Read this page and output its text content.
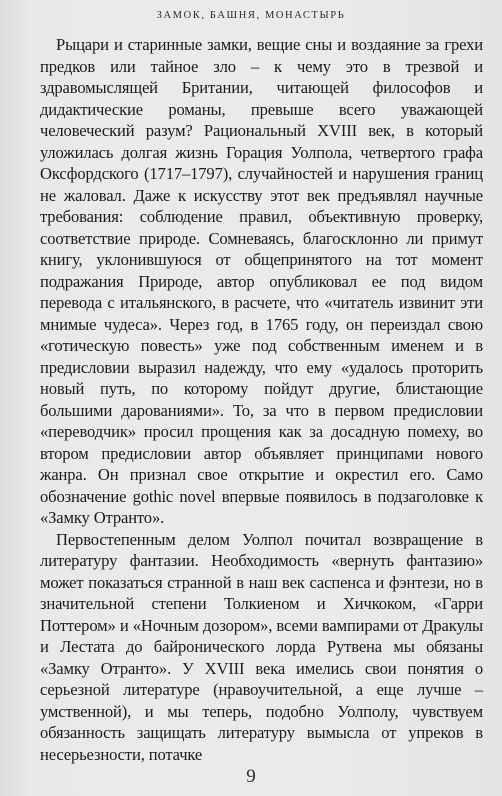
ЗАМОК, БАШНЯ, МОНАСТЫРЬ

Рыцари и старинные замки, вещие сны и воздаяние за грехи предков или тайное зло – к чему это в трезвой и здравомыслящей Британии, читающей философов и дидактические романы, превыше всего уважающей человеческий разум? Рациональный XVIII век, в который уложилась долгая жизнь Горация Уолпола, четвертого графа Оксфордского (1717–1797), случайностей и нарушения границ не жаловал. Даже к искусству этот век предъявлял научные требования: соблюдение правил, объективную проверку, соответствие природе. Сомневаясь, благосклонно ли примут книгу, уклонившуюся от общепринятого на тот момент подражания Природе, автор опубликовал ее под видом перевода с итальянского, в расчете, что «читатель извинит эти мнимые чудеса». Через год, в 1765 году, он переиздал свою «готическую повесть» уже под собственным именем и в предисловии выразил надежду, что ему «удалось проторить новый путь, по которому пойдут другие, блистающие большими дарованиями». То, за что в первом предисловии «переводчик» просил прощения как за досадную помеху, во втором предисловии автор объявляет принципами нового жанра. Он признал свое открытие и окрестил его. Само обозначение gothic novel впервые появилось в подзаголовке к «Замку Отранто».

Первостепенным делом Уолпол почитал возвращение в литературу фантазии. Необходимость «вернуть фантазию» может показаться странной в наш век саспенса и фэнтези, но в значительной степени Толкиеном и Хичкоком, «Гарри Поттером» и «Ночным дозором», всеми вампирами от Дракулы и Лестата до байронического лорда Рутвена мы обязаны «Замку Отранто». У XVIII века имелись свои понятия о серьезной литературе (нравоучительной, а еще лучше – умственной), и мы теперь, подобно Уолполу, чувствуем обязанность защищать литературу вымысла от упреков в несерьезности, потачке

9
